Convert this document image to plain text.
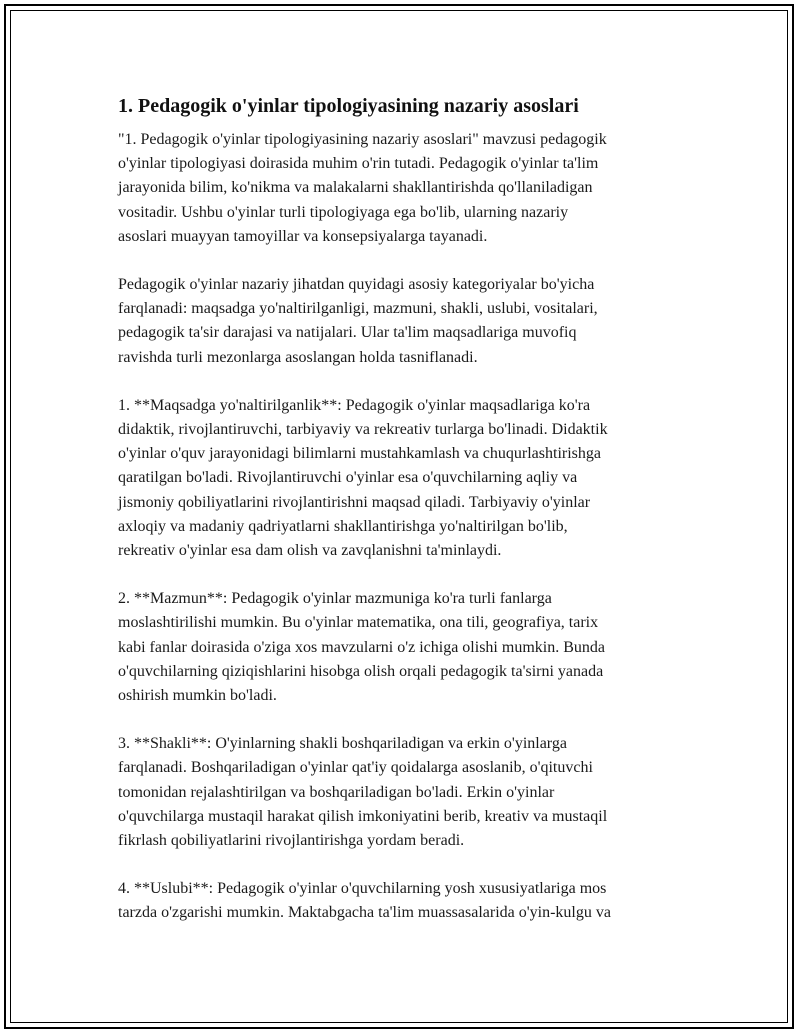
1. Pedagogik o'yinlar tipologiyasining nazariy asoslari

"1. Pedagogik o'yinlar tipologiyasining nazariy asoslari" mavzusi pedagogik
o'yinlar tipologiyasi doirasida muhim o'rin tutadi. Pedagogik o'yinlar ta'lim
jarayonida bilim, ko'nikma va malakalarni shakllantirishda qo'llaniladigan
vositadir. Ushbu o'yinlar turli tipologiyaga ega bo'lib, ularning nazariy
asoslari muayyan tamoyillar va konsepsiyalarga tayanadi.

Pedagogik o'yinlar nazariy jihatdan quyidagi asosiy kategoriyalar bo'yicha
farqlanadi: maqsadga yo'naltirilganligi, mazmuni, shakli, uslubi, vositalari,
pedagogik ta'sir darajasi va natijalari. Ular ta'lim maqsadlariga muvofiq
ravishda turli mezonlarga asoslangan holda tasniflanadi.

1. **Maqsadga yo'naltirilganlik**: Pedagogik o'yinlar maqsadlariga ko'ra
didaktik, rivojlantiruvchi, tarbiyaviy va rekreativ turlarga bo'linadi. Didaktik
o'yinlar o'quv jarayonidagi bilimlarni mustahkamlash va chuqurlashtirishga
qaratilgan bo'ladi. Rivojlantiruvchi o'yinlar esa o'quvchilarning aqliy va
jismoniy qobiliyatlarini rivojlantirishni maqsad qiladi. Tarbiyaviy o'yinlar
axloqiy va madaniy qadriyatlarni shakllantirishga yo'naltirilgan bo'lib,
rekreativ o'yinlar esa dam olish va zavqlanishni ta'minlaydi.

2. **Mazmun**: Pedagogik o'yinlar mazmuniga ko'ra turli fanlarga
moslashtirilishi mumkin. Bu o'yinlar matematika, ona tili, geografiya, tarix
kabi fanlar doirasida o'ziga xos mavzularni o'z ichiga olishi mumkin. Bunda
o'quvchilarning qiziqishlarini hisobga olish orqali pedagogik ta'sirni yanada
oshirish mumkin bo'ladi.

3. **Shakli**: O'yinlarning shakli boshqariladigan va erkin o'yinlarga
farqlanadi. Boshqariladigan o'yinlar qat'iy qoidalarga asoslanib, o'qituvchi
tomonidan rejalashtirilgan va boshqariladigan bo'ladi. Erkin o'yinlar
o'quvchilarga mustaqil harakat qilish imkoniyatini berib, kreativ va mustaqil
fikrlash qobiliyatlarini rivojlantirishga yordam beradi.

4. **Uslubi**: Pedagogik o'yinlar o'quvchilarning yosh xususiyatlariga mos
tarzda o'zgarishi mumkin. Maktabgacha ta'lim muassasalarida o'yin-kulgu va
